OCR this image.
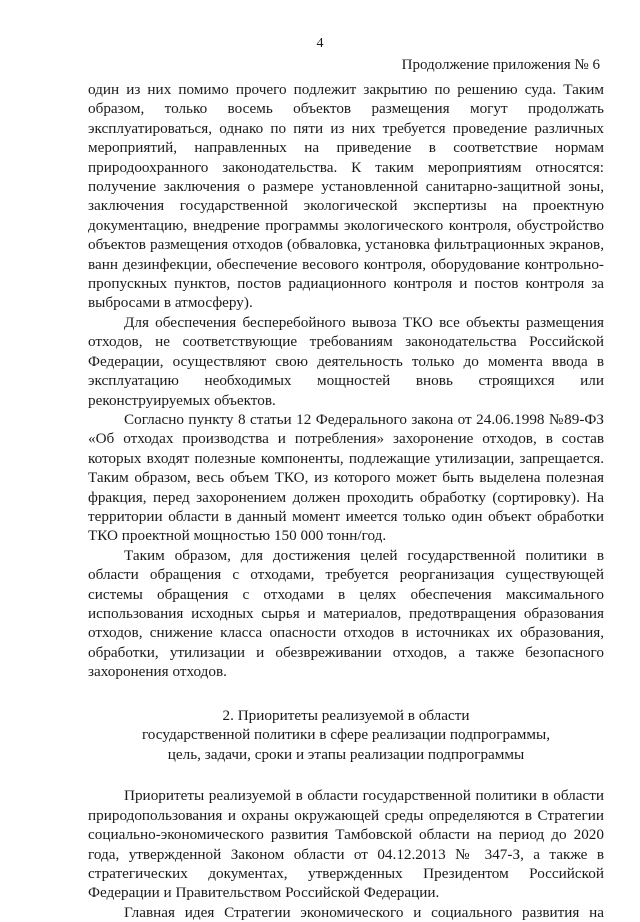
4
Продолжение приложения № 6

один из них помимо прочего подлежит закрытию по решению суда. Таким образом, только восемь объектов размещения могут продолжать эксплуатироваться, однако по пяти из них требуется проведение различных мероприятий, направленных на приведение в соответствие нормам природоохранного законодательства. К таким мероприятиям относятся: получение заключения о размере установленной санитарно-защитной зоны, заключения государственной экологической экспертизы на проектную документацию, внедрение программы экологического контроля, обустройство объектов размещения отходов (обваловка, установка фильтрационных экранов, ванн дезинфекции, обеспечение весового контроля, оборудование контрольно-пропускных пунктов, постов радиационного контроля и постов контроля за выбросами в атмосферу).

Для обеспечения бесперебойного вывоза ТКО все объекты размещения отходов, не соответствующие требованиям законодательства Российской Федерации, осуществляют свою деятельность только до момента ввода в эксплуатацию необходимых мощностей вновь строящихся или реконструируемых объектов.

Согласно пункту 8 статьи 12 Федерального закона от 24.06.1998 №89-ФЗ «Об отходах производства и потребления» захоронение отходов, в состав которых входят полезные компоненты, подлежащие утилизации, запрещается. Таким образом, весь объем ТКО, из которого может быть выделена полезная фракция, перед захоронением должен проходить обработку (сортировку). На территории области в данный момент имеется только один объект обработки ТКО проектной мощностью 150 000 тонн/год.

Таким образом, для достижения целей государственной политики в области обращения с отходами, требуется реорганизация существующей системы обращения с отходами в целях обеспечения максимального использования исходных сырья и материалов, предотвращения образования отходов, снижение класса опасности отходов в источниках их образования, обработки, утилизации и обезвреживании отходов, а также безопасного захоронения отходов.

2. Приоритеты реализуемой в области
государственной политики в сфере реализации подпрограммы,
цель, задачи, сроки и этапы реализации подпрограммы

Приоритеты реализуемой в области государственной политики в области природопользования и охраны окружающей среды определяются в Стратегии социально-экономического развития Тамбовской области на период до 2020 года, утвержденной Законом области от 04.12.2013 № 347-З, а также в стратегических документах, утвержденных Президентом Российской Федерации и Правительством Российской Федерации.

Главная идея Стратегии экономического и социального развития на
